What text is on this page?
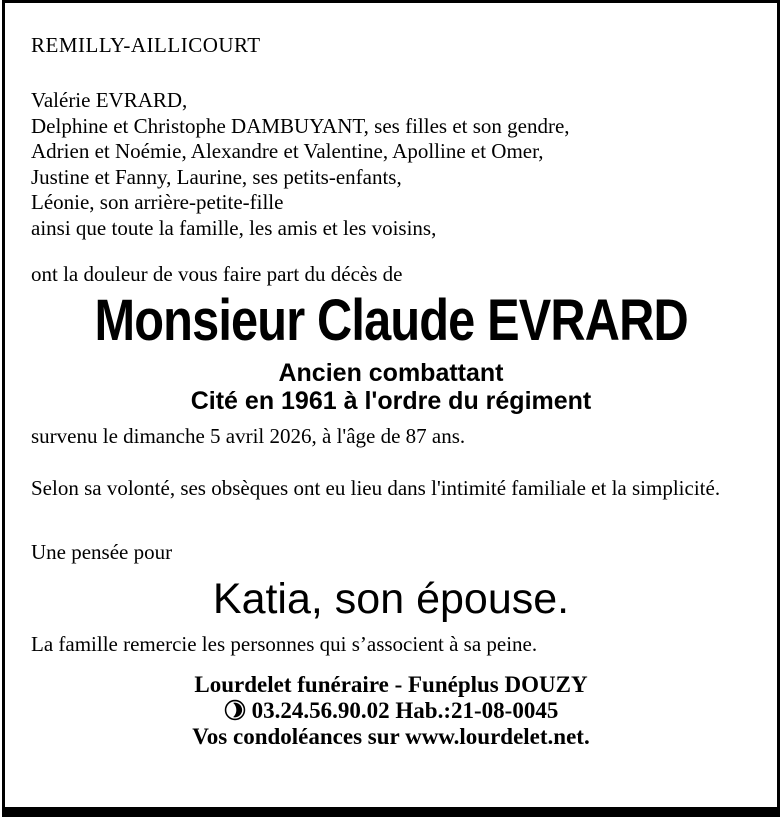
REMILLY-AILLICOURT
Valérie EVRARD,
Delphine et Christophe DAMBUYANT, ses filles et son gendre,
Adrien et Noémie, Alexandre et Valentine, Apolline et Omer,
Justine et Fanny, Laurine, ses petits-enfants,
Léonie, son arrière-petite-fille
ainsi que toute la famille, les amis et les voisins,
ont la douleur de vous faire part du décès de
Monsieur Claude EVRARD
Ancien combattant
Cité en 1961 à l'ordre du régiment
survenu le dimanche 5 avril 2026, à l'âge de 87 ans.
Selon sa volonté, ses obsèques ont eu lieu dans l'intimité familiale et la simplicité.
Une pensée pour
Katia, son épouse.
La famille remercie les personnes qui s’associent à sa peine.
Lourdelet funéraire - Funéplus DOUZY
03.24.56.90.02 Hab.:21-08-0045
Vos condoléances sur www.lourdelet.net.
